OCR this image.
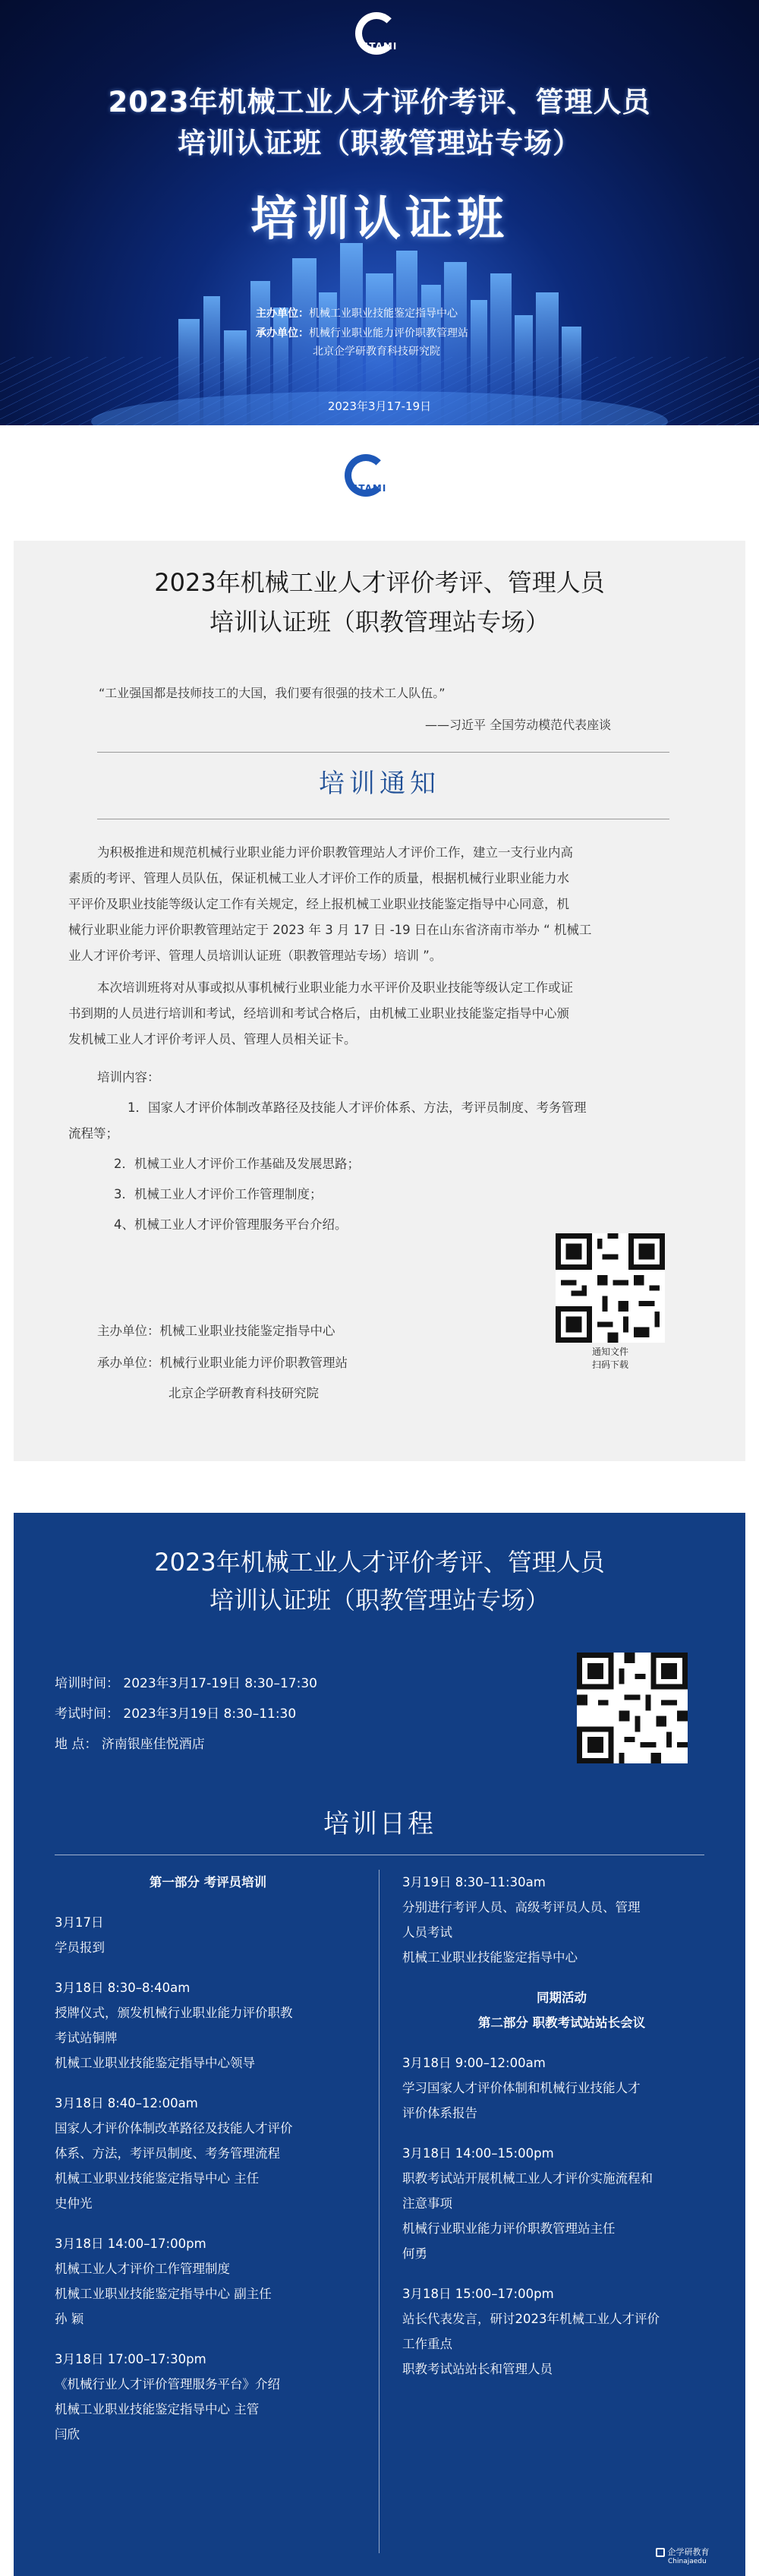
STAMI
2023年机械工业人才评价考评、管理人员
培训认证班（职教管理站专场）
培训认证班
主办单位：机械工业职业技能鉴定指导中心
承办单位：机械行业职业能力评价职教管理站
北京企学研教育科技研究院
2023年3月17-19日
STAMI
2023年机械工业人才评价考评、管理人员
培训认证班（职教管理站专场）
“工业强国都是技师技工的大国，我们要有很强的技术工人队伍。”
——习近平 全国劳动模范代表座谈
培训通知
为积极推进和规范机械行业职业能力评价职教管理站人才评价工作，建立一支行业内高
素质的考评、管理人员队伍，保证机械工业人才评价工作的质量，根据机械行业职业能力水
平评价及职业技能等级认定工作有关规定，经上报机械工业职业技能鉴定指导中心同意，机
械行业职业能力评价职教管理站定于 2023 年 3 月 17 日 -19 日在山东省济南市举办 “ 机械工
业人才评价考评、管理人员培训认证班（职教管理站专场）培训 ”。
本次培训班将对从事或拟从事机械行业职业能力水平评价及职业技能等级认定工作或证
书到期的人员进行培训和考试，经培训和考试合格后，由机械工业职业技能鉴定指导中心颁
发机械工业人才评价考评人员、管理人员相关证卡。
培训内容：
1．国家人才评价体制改革路径及技能人才评价体系、方法，考评员制度、考务管理
流程等；
2．机械工业人才评价工作基础及发展思路；
3．机械工业人才评价工作管理制度；
4、机械工业人才评价管理服务平台介绍。
通知文件
扫码下载
主办单位：机械工业职业技能鉴定指导中心
承办单位：机械行业职业能力评价职教管理站
北京企学研教育科技研究院
2023年机械工业人才评价考评、管理人员
培训认证班（职教管理站专场）
培训时间： 2023年3月17-19日 8:30–17:30
考试时间： 2023年3月19日 8:30–11:30
地 点： 济南银座佳悦酒店
培训日程
第一部分 考评员培训
3月17日
学员报到
3月18日 8:30–8:40am
授牌仪式，颁发机械行业职业能力评价职教
考试站铜牌
机械工业职业技能鉴定指导中心领导
3月18日 8:40–12:00am
国家人才评价体制改革路径及技能人才评价
体系、方法，考评员制度、考务管理流程
机械工业职业技能鉴定指导中心 主任
史仲光
3月18日 14:00–17:00pm
机械工业人才评价工作管理制度
机械工业职业技能鉴定指导中心 副主任
孙 颖
3月18日 17:00–17:30pm
《机械行业人才评价管理服务平台》介绍
机械工业职业技能鉴定指导中心 主管
闫欣
3月19日 8:30–11:30am
分别进行考评人员、高级考评员人员、管理
人员考试
机械工业职业技能鉴定指导中心
同期活动
第二部分 职教考试站站长会议
3月18日 9:00–12:00am
学习国家人才评价体制和机械行业技能人才
评价体系报告
3月18日 14:00–15:00pm
职教考试站开展机械工业人才评价实施流程和
注意事项
机械行业职业能力评价职教管理站主任
何勇
3月18日 15:00–17:00pm
站长代表发言，研讨2023年机械工业人才评价
工作重点
职教考试站站长和管理人员
企学研教育
Chinajaedu
